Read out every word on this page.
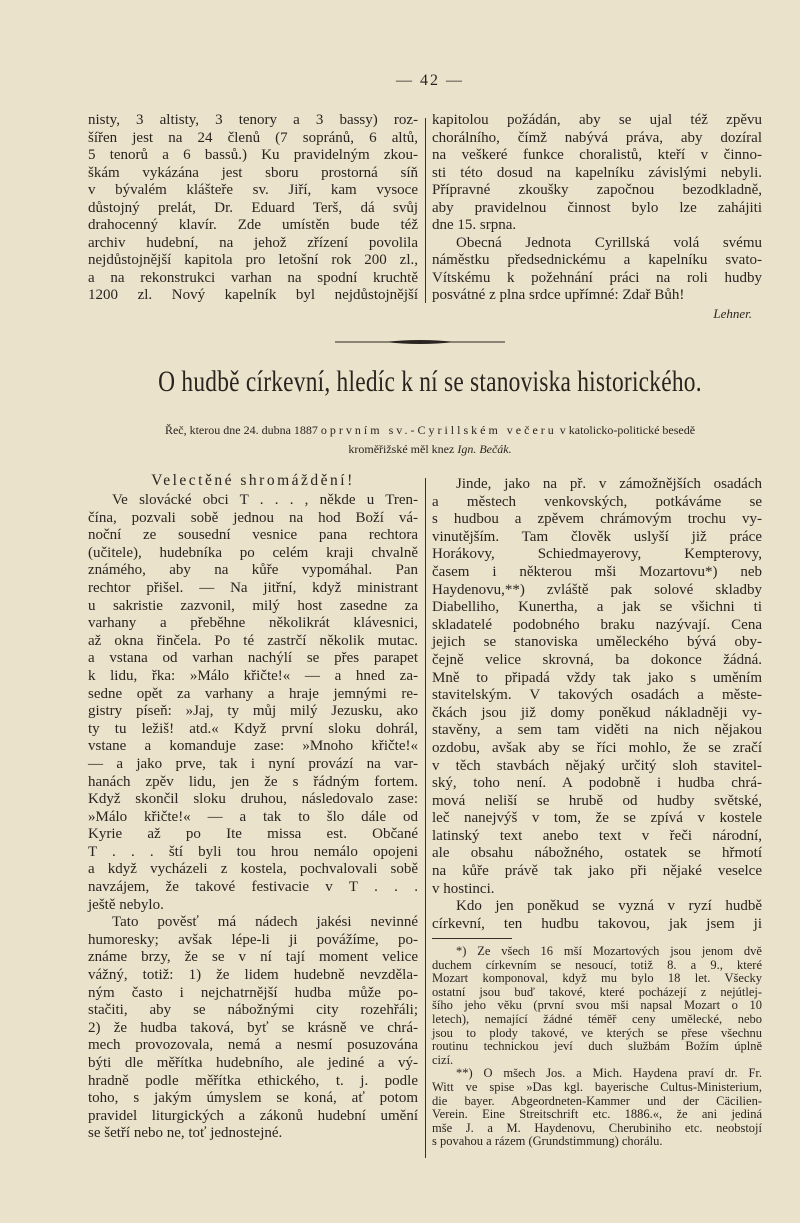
— 42 —
nisty, 3 altisty, 3 tenory a 3 bassy) roz-
šířen jest na 24 členů (7 sopránů, 6 altů,
5 tenorů a 6 bassů.) Ku pravidelným zkou-
škám vykázána jest sboru prostorná síň
v bývalém klášteře sv. Jiří, kam vysoce
důstojný prelát, Dr. Eduard Terš, dá svůj
drahocenný klavír. Zde umístěn bude též
archiv hudební, na jehož zřízení povolila
nejdůstojnější kapitola pro letošní rok 200 zl.,
a na rekonstrukci varhan na spodní kruchtě
1200 zl. Nový kapelník byl nejdůstojnější
kapitolou požádán, aby se ujal též zpěvu
chorálního, čímž nabývá práva, aby dozíral
na veškeré funkce choralistů, kteří v činno-
sti této dosud na kapelníku závislými nebyli.
Přípravné zkoušky započnou bezodkladně,
aby pravidelnou činnost bylo lze zahájiti
dne 15. srpna.
Obecná Jednota Cyrillská volá svému
náměstku předsednickému a kapelníku svato-
Vítskému k požehnání práci na roli hudby
posvátné z plna srdce upřímné: Zdař Bůh!
Lehner.
O hudbě církevní, hledíc k ní se stanoviska historického.
Řeč, kterou dne 24. dubna 1887 o prvním sv.-Cyrillském večeru v katolicko-politické besedě
kroměřižské měl knez Ign. Bečák.
Velectěné shromáždění!
Ve slovácké obci T . . . , někde u Tren-
čína, pozvali sobě jednou na hod Boží vá-
noční ze sousední vesnice pana rechtora
(učitele), hudebníka po celém kraji chvalně
známého, aby na kůře vypomáhal. Pan
rechtor přišel. — Na jitřní, když ministrant
u sakristie zazvonil, milý host zasedne za
varhany a přeběhne několikrát klávesnici,
až okna řinčela. Po té zastrčí několik mutac.
a vstana od varhan nachýlí se přes parapet
k lidu, řka: »Málo křičte!« — a hned za-
sedne opět za varhany a hraje jemnými re-
gistry píseň: »Jaj, ty můj milý Jezusku, ako
ty tu ležiš! atd.« Když první sloku dohrál,
vstane a komanduje zase: »Mnoho křičte!«
— a jako prve, tak i nyní provází na var-
hanách zpěv lidu, jen že s řádným fortem.
Když skončil sloku druhou, následovalo zase:
»Málo křičte!« — a tak to šlo dále od
Kyrie až po Ite missa est. Občané
T . . . ští byli tou hrou nemálo opojeni
a když vycházeli z kostela, pochvalovali sobě
navzájem, že takové festivacie v T . . .
ještě nebylo.
Tato pověsť má nádech jakési nevinné
humoresky; avšak lépe-li ji povážíme, po-
známe brzy, že se v ní tají moment velice
vážný, totiž: 1) že lidem hudebně nevzděla-
ným často i nejchatrnější hudba může po-
stačiti, aby se nábožnými city rozehřáli;
2) že hudba taková, byť se krásně ve chrá-
mech provozovala, nemá a nesmí posuzována
býti dle měřítka hudebního, ale jediné a vý-
hradně podle měřítka ethického, t. j. podle
toho, s jakým úmyslem se koná, ať potom
pravidel liturgických a zákonů hudební umění
se šetří nebo ne, toť jednostejné.
Jinde, jako na př. v zámožnějších osadách
a městech venkovských, potkáváme se
s hudbou a zpěvem chrámovým trochu vy-
vinutějším. Tam člověk uslyší již práce
Horákovy, Schiedmayerovy, Kempterovy,
časem i některou mši Mozartovu*) neb
Haydenovu,**) zvláště pak solové skladby
Diabelliho, Kunertha, a jak se všichni ti
skladatelé podobného braku nazývají. Cena
jejich se stanoviska uměleckého bývá oby-
čejně velice skrovná, ba dokonce žádná.
Mně to připadá vždy tak jako s uměním
stavitelským. V takových osadách a měste-
čkách jsou již domy poněkud nákladněji vy-
stavěny, a sem tam viděti na nich nějakou
ozdobu, avšak aby se říci mohlo, že se zračí
v těch stavbách nějaký určitý sloh stavitel-
ský, toho není. A podobně i hudba chrá-
mová neliší se hrubě od hudby světské,
leč nanejvýš v tom, že se zpívá v kostele
latinský text anebo text v řeči národní,
ale obsahu nábožného, ostatek se hřmotí
na kůře právě tak jako při nějaké veselce
v hostinci.
Kdo jen poněkud se vyzná v ryzí hudbě
církevní, ten hudbu takovou, jak jsem ji
*) Ze všech 16 mší Mozartových jsou jenom dvě
duchem církevním se nesoucí, totiž 8. a 9., které
Mozart komponoval, když mu bylo 18 let. Všecky
ostatní jsou buď takové, které pocházejí z nejútlej-
šího jeho věku (první svou mši napsal Mozart o 10
letech), nemající žádné téměř ceny umělecké, nebo
jsou to plody takové, ve kterých se přese všechnu
routinu technickou jeví duch službám Božím úplně
cizí.
**) O mšech Jos. a Mich. Haydena praví dr. Fr.
Witt ve spise »Das kgl. bayerische Cultus-Ministerium,
die bayer. Abgeordneten-Kammer und der Cäcilien-
Verein. Eine Streitschrift etc. 1886.«, že ani jediná
mše J. a M. Haydenovu, Cherubiniho etc. neobstojí
s povahou a rázem (Grundstimmung) chorálu.
